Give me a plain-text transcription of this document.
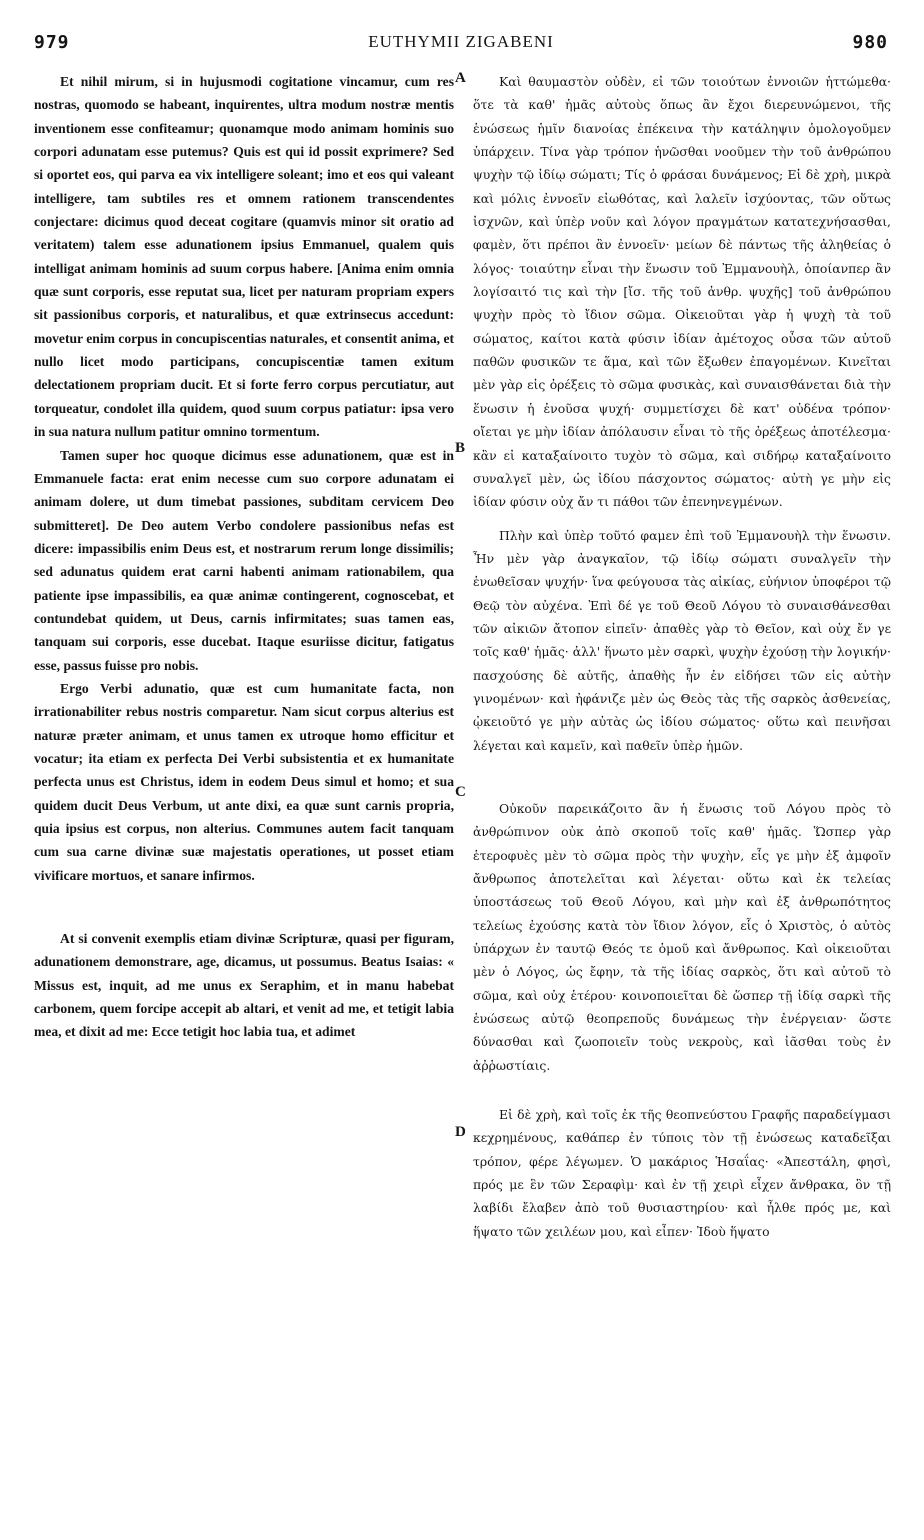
979	EUTHYMII ZIGABENI	980

Et nihil mirum, si in hujusmodi cogitatione vincamur, cum res nostras, quomodo se habeant, inquirentes, ultra modum nostræ mentis inventionem esse confiteamur; quonamque modo animam hominis suo corpori adunatam esse putemus? Quis est qui id possit exprimere? Sed si oportet eos, qui parva ea vix intelligere soleant; imo et eos qui valeant intelligere, tam subtiles res et omnem rationem transcendentes conjectare: dicimus quod deceat cogitare (quamvis minor sit oratio ad veritatem) talem esse adunationem ipsius Emmanuel, qualem quis intelligat animam hominis ad suum corpus habere. [Anima enim omnia quæ sunt corporis, esse reputat sua, licet per naturam propriam expers sit passionibus corporis, et naturalibus, et quæ extrinsecus accedunt: movetur enim corpus in concupiscentias naturales, et consentit anima, et nullo licet modo participans, concupiscentiæ tamen exitum delectationem propriam ducit. Et si forte ferro corpus percutiatur, aut torqueatur, condolet illa quidem, quod suum corpus patiatur: ipsa vero in sua natura nullum patitur omnino tormentum.

Tamen super hoc quoque dicimus esse adunationem, quæ est in Emmanuele facta: erat enim necesse cum suo corpore adunatam ei animam dolere, ut dum timebat passiones, subditam cervicem Deo submitteret]. De Deo autem Verbo condolere passionibus nefas est dicere: impassibilis enim Deus est, et nostrarum rerum longe dissimilis; sed adunatus quidem erat carni habenti animam rationabilem, qua patiente ipse impassibilis, ea quæ animæ contingerent, cognoscebat, et contundebat quidem, ut Deus, carnis infirmitates; suas tamen eas, tanquam sui corporis, esse ducebat. Itaque esuriisse dicitur, fatigatus esse, passus fuisse pro nobis.

Ergo Verbi adunatio, quæ est cum humanitate facta, non irrationabiliter rebus nostris comparetur. Nam sicut corpus alterius est naturæ præter animam, et unus tamen ex utroque homo efficitur et vocatur; ita etiam ex perfecta Dei Verbi subsistentia et ex humanitate perfecta unus est Christus, idem in eodem Deus simul et homo; et sua quidem ducit Deus Verbum, ut ante dixi, ea quæ sunt carnis propria, quia ipsius est corpus, non alterius. Communes autem facit tanquam cum sua carne divinæ suæ majestatis operationes, ut posset etiam vivificare mortuos, et sanare infirmos.

At si convenit exemplis etiam divinæ Scripturæ, quasi per figuram, adunationem demonstrare, age, dicamus, ut possumus. Beatus Isaias: « Missus est, inquit, ad me unus ex Seraphim, et in manu habebat carbonem, quem forcipe accepit ab altari, et venit ad me, et tetigit labia mea, et dixit ad me: Ecce tetigit hoc labia tua, et adimet

A
B
C
D

Καὶ θαυμαστὸν οὐδὲν, εἰ τῶν τοιούτων ἐννοιῶν ἡττώμεθα· ὅτε τὰ καθ' ἡμᾶς αὐτοὺς ὅπως ἂν ἔχοι διερευνώμενοι, τῆς ἑνώσεως ἡμῖν διανοίας ἐπέκεινα τὴν κατάληψιν ὁμολογοῦμεν ὑπάρχειν. Τίνα γὰρ τρόπον ἡνῶσθαι νοοῦμεν τὴν τοῦ ἀνθρώπου ψυχὴν τῷ ἰδίῳ σώματι; Τίς ὁ φράσαι δυνάμενος; Εἰ δὲ χρὴ, μικρὰ καὶ μόλις ἐννοεῖν εἰωθότας, καὶ λαλεῖν ἰσχύοντας, τῶν οὕτως ἰσχνῶν, καὶ ὑπὲρ νοῦν καὶ λόγον πραγμάτων κατατεχνήσασθαι, φαμὲν, ὅτι πρέποι ἂν ἐννοεῖν· μείων δὲ πάντως τῆς ἀληθείας ὁ λόγος· τοιαύτην εἶναι τὴν ἕνωσιν τοῦ Ἐμμανουὴλ, ὁποίανπερ ἂν λογίσαιτό τις καὶ τὴν [ἴσ. τῆς τοῦ ἀνθρ. ψυχῆς] τοῦ ἀνθρώπου ψυχὴν πρὸς τὸ ἴδιον σῶμα. Οἰκειοῦται γὰρ ἡ ψυχὴ τὰ τοῦ σώματος, καίτοι κατὰ φύσιν ἰδίαν ἀμέτοχος οὖσα τῶν αὐτοῦ παθῶν φυσικῶν τε ἅμα, καὶ τῶν ἔξωθεν ἐπαγομένων. Κινεῖται μὲν γὰρ εἰς ὀρέξεις τὸ σῶμα φυσικὰς, καὶ συναισθάνεται διὰ τὴν ἕνωσιν ἡ ἐνοῦσα ψυχή· συμμετίσχει δὲ κατ' οὐδένα τρόπον· οἴεται γε μὴν ἰδίαν ἀπόλαυσιν εἶναι τὸ τῆς ὀρέξεως ἀποτέλεσμα· κἂν εἰ καταξαίνοιτο τυχὸν τὸ σῶμα, καὶ σιδήρῳ καταξαίνοιτο συναλγεῖ μὲν, ὡς ἰδίου πάσχοντος σώματος· αὐτὴ γε μὴν εἰς ἰδίαν φύσιν οὐχ ἄν τι πάθοι τῶν ἐπενηνεγμένων.

Πλὴν καὶ ὑπὲρ τοῦτό φαμεν ἐπὶ τοῦ Ἐμμανουὴλ τὴν ἕνωσιν. Ἦν μὲν γὰρ ἀναγκαῖον, τῷ ἰδίῳ σώματι συναλγεῖν τὴν ἑνωθεῖσαν ψυχήν· ἵνα φεύγουσα τὰς αἰκίας, εὐήνιον ὑποφέροι τῷ Θεῷ τὸν αὐχένα. Ἐπὶ δέ γε τοῦ Θεοῦ Λόγου τὸ συναισθάνεσθαι τῶν αἰκιῶν ἄτοπον εἰπεῖν· ἀπαθὲς γὰρ τὸ Θεῖον, καὶ οὐχ ἔν γε τοῖς καθ' ἡμᾶς· ἀλλ' ἥνωτο μὲν σαρκὶ, ψυχὴν ἐχούσῃ τὴν λογικήν· πασχούσης δὲ αὐτῆς, ἀπαθὴς ἦν ἐν εἰδήσει τῶν εἰς αὐτὴν γινομένων· καὶ ἠφάνιζε μὲν ὡς Θεὸς τὰς τῆς σαρκὸς ἀσθενείας, ᾠκειοῦτό γε μὴν αὐτὰς ὡς ἰδίου σώματος· οὕτω καὶ πεινῆσαι λέγεται καὶ καμεῖν, καὶ παθεῖν ὑπὲρ ἡμῶν.

Οὐκοῦν παρεικάζοιτο ἂν ἡ ἕνωσις τοῦ Λόγου πρὸς τὸ ἀνθρώπινον οὐκ ἀπὸ σκοποῦ τοῖς καθ' ἡμᾶς. Ὥσπερ γὰρ ἑτεροφυὲς μὲν τὸ σῶμα πρὸς τὴν ψυχὴν, εἷς γε μὴν ἐξ ἀμφοῖν ἄνθρωπος ἀποτελεῖται καὶ λέγεται· οὕτω καὶ ἐκ τελείας ὑποστάσεως τοῦ Θεοῦ Λόγου, καὶ μὴν καὶ ἐξ ἀνθρωπότητος τελείως ἐχούσης κατὰ τὸν ἴδιον λόγον, εἷς ὁ Χριστὸς, ὁ αὐτὸς ὑπάρχων ἐν ταυτῷ Θεός τε ὁμοῦ καὶ ἄνθρωπος. Καὶ οἰκειοῦται μὲν ὁ Λόγος, ὡς ἔφην, τὰ τῆς ἰδίας σαρκὸς, ὅτι καὶ αὐτοῦ τὸ σῶμα, καὶ οὐχ ἑτέρου· κοινοποιεῖται δὲ ὥσπερ τῇ ἰδίᾳ σαρκὶ τῆς ἑνώσεως αὐτῷ θεοπρεποῦς δυνάμεως τὴν ἐνέργειαν· ὥστε δύνασθαι καὶ ζωοποιεῖν τοὺς νεκροὺς, καὶ ἰᾶσθαι τοὺς ἐν ἀῤῥωστίαις.

Εἰ δὲ χρὴ, καὶ τοῖς ἐκ τῆς θεοπνεύστου Γραφῆς παραδείγμασι κεχρημένους, καθάπερ ἐν τύποις τὸν τῇ ἑνώσεως καταδεῖξαι τρόπον, φέρε λέγωμεν. Ὁ μακάριος Ἡσαΐας· «Ἀπεστάλη, φησὶ, πρός με ἓν τῶν Σεραφὶμ· καὶ ἐν τῇ χειρὶ εἶχεν ἄνθρακα, ὃν τῇ λαβίδι ἔλαβεν ἀπὸ τοῦ θυσιαστηρίου· καὶ ἦλθε πρός με, καὶ ἥψατο τῶν χειλέων μου, καὶ εἶπεν· Ἰδοὺ ἥψατο
